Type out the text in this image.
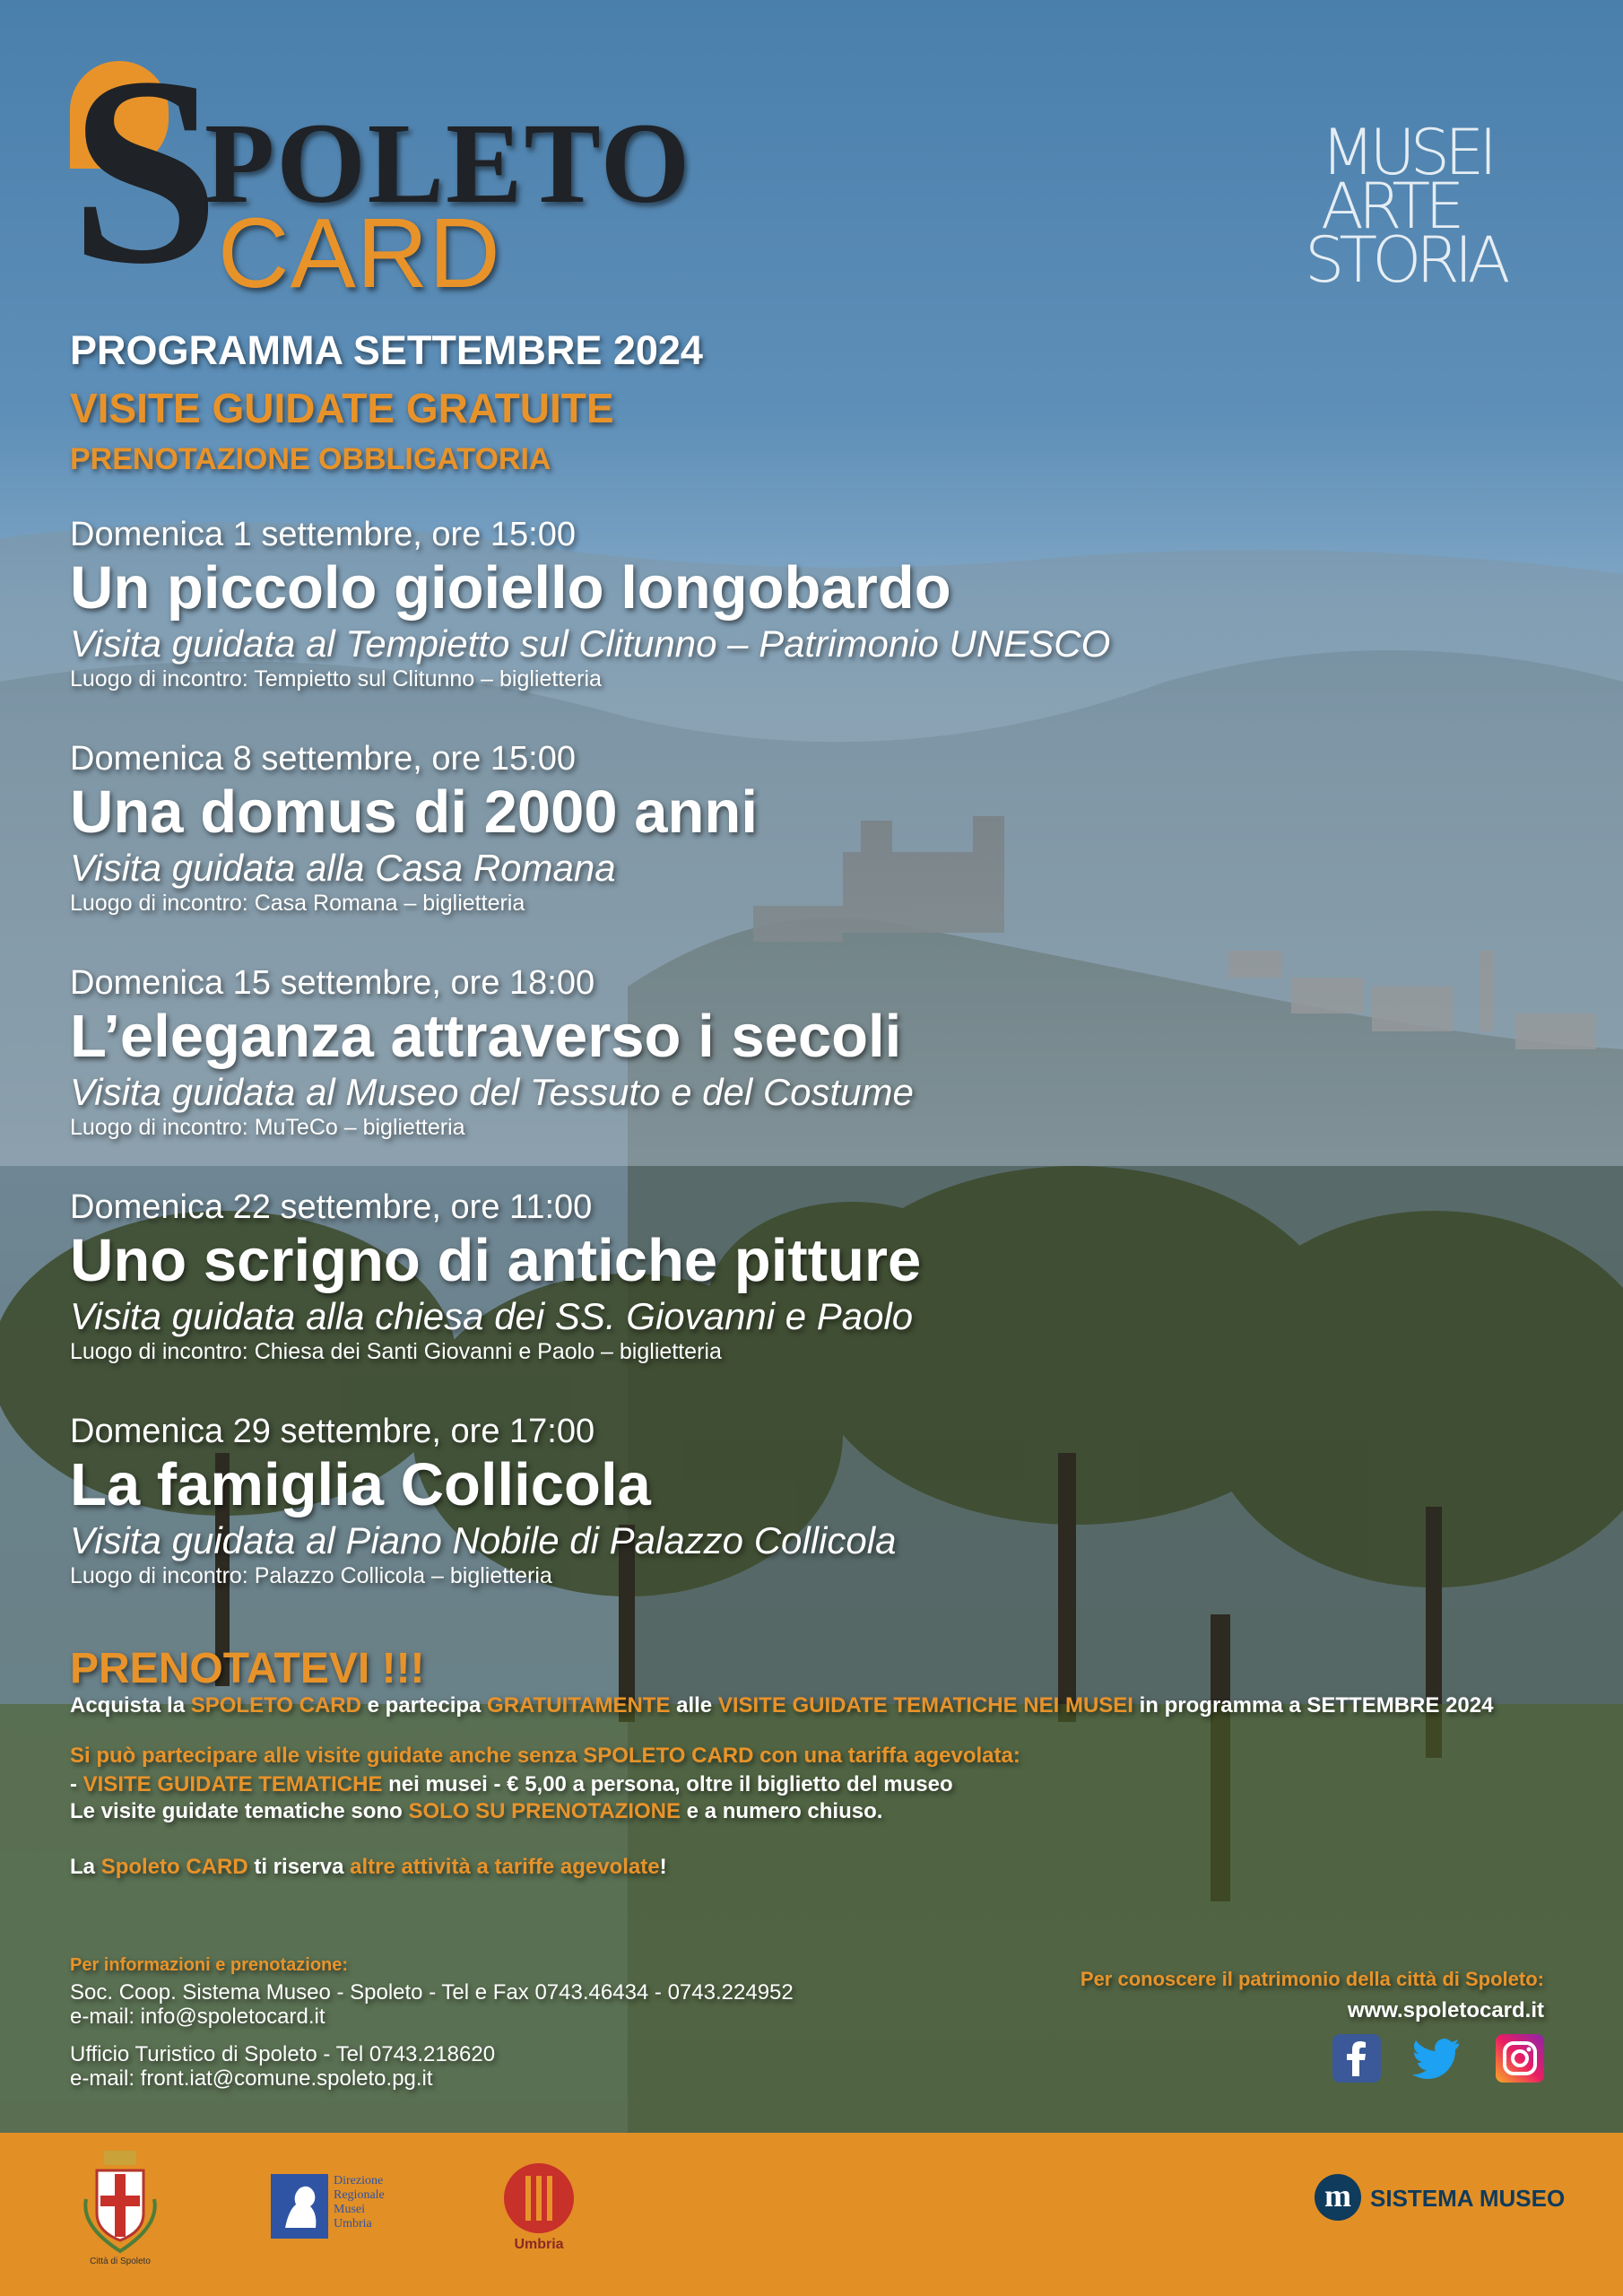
S
POLETO
CARD
MUSEI
ARTE
STORIA
PROGRAMMA SETTEMBRE 2024
VISITE GUIDATE GRATUITE
PRENOTAZIONE OBBLIGATORIA
Domenica 1 settembre, ore 15:00
Un piccolo gioiello longobardo
Visita guidata al Tempietto sul Clitunno – Patrimonio UNESCO
Luogo di incontro: Tempietto sul Clitunno – biglietteria
Domenica 8 settembre, ore 15:00
Una domus di 2000 anni
Visita guidata alla Casa Romana
Luogo di incontro: Casa Romana – biglietteria
Domenica 15 settembre, ore 18:00
L’eleganza attraverso i secoli
Visita guidata al Museo del Tessuto e del Costume
Luogo di incontro: MuTeCo – biglietteria
Domenica 22 settembre, ore 11:00
Uno scrigno di antiche pitture
Visita guidata alla chiesa dei SS. Giovanni e Paolo
Luogo di incontro: Chiesa dei Santi Giovanni e Paolo – biglietteria
Domenica 29 settembre, ore 17:00
La famiglia Collicola
Visita guidata al Piano Nobile di Palazzo Collicola
Luogo di incontro: Palazzo Collicola – biglietteria
PRENOTATEVI !!!
Acquista la SPOLETO CARD e partecipa GRATUITAMENTE alle VISITE GUIDATE TEMATICHE NEI MUSEI in programma a SETTEMBRE 2024
Si può partecipare alle visite guidate anche senza SPOLETO CARD con una tariffa agevolata:
- VISITE GUIDATE TEMATICHE nei musei - € 5,00 a persona, oltre il biglietto del museo
Le visite guidate tematiche sono SOLO SU PRENOTAZIONE e a numero chiuso.
La Spoleto CARD ti riserva altre attività a tariffe agevolate!
Per informazioni e prenotazione:
Soc. Coop. Sistema Museo - Spoleto - Tel e Fax 0743.46434 - 0743.224952
e-mail: info@spoletocard.it
Ufficio Turistico di Spoleto - Tel 0743.218620
e-mail: front.iat@comune.spoleto.pg.it
Per conoscere il patrimonio della città di Spoleto:
www.spoletocard.it
Città di Spoleto
Direzione
Regionale
Musei
Umbria
Umbria
m SISTEMA MUSEO
